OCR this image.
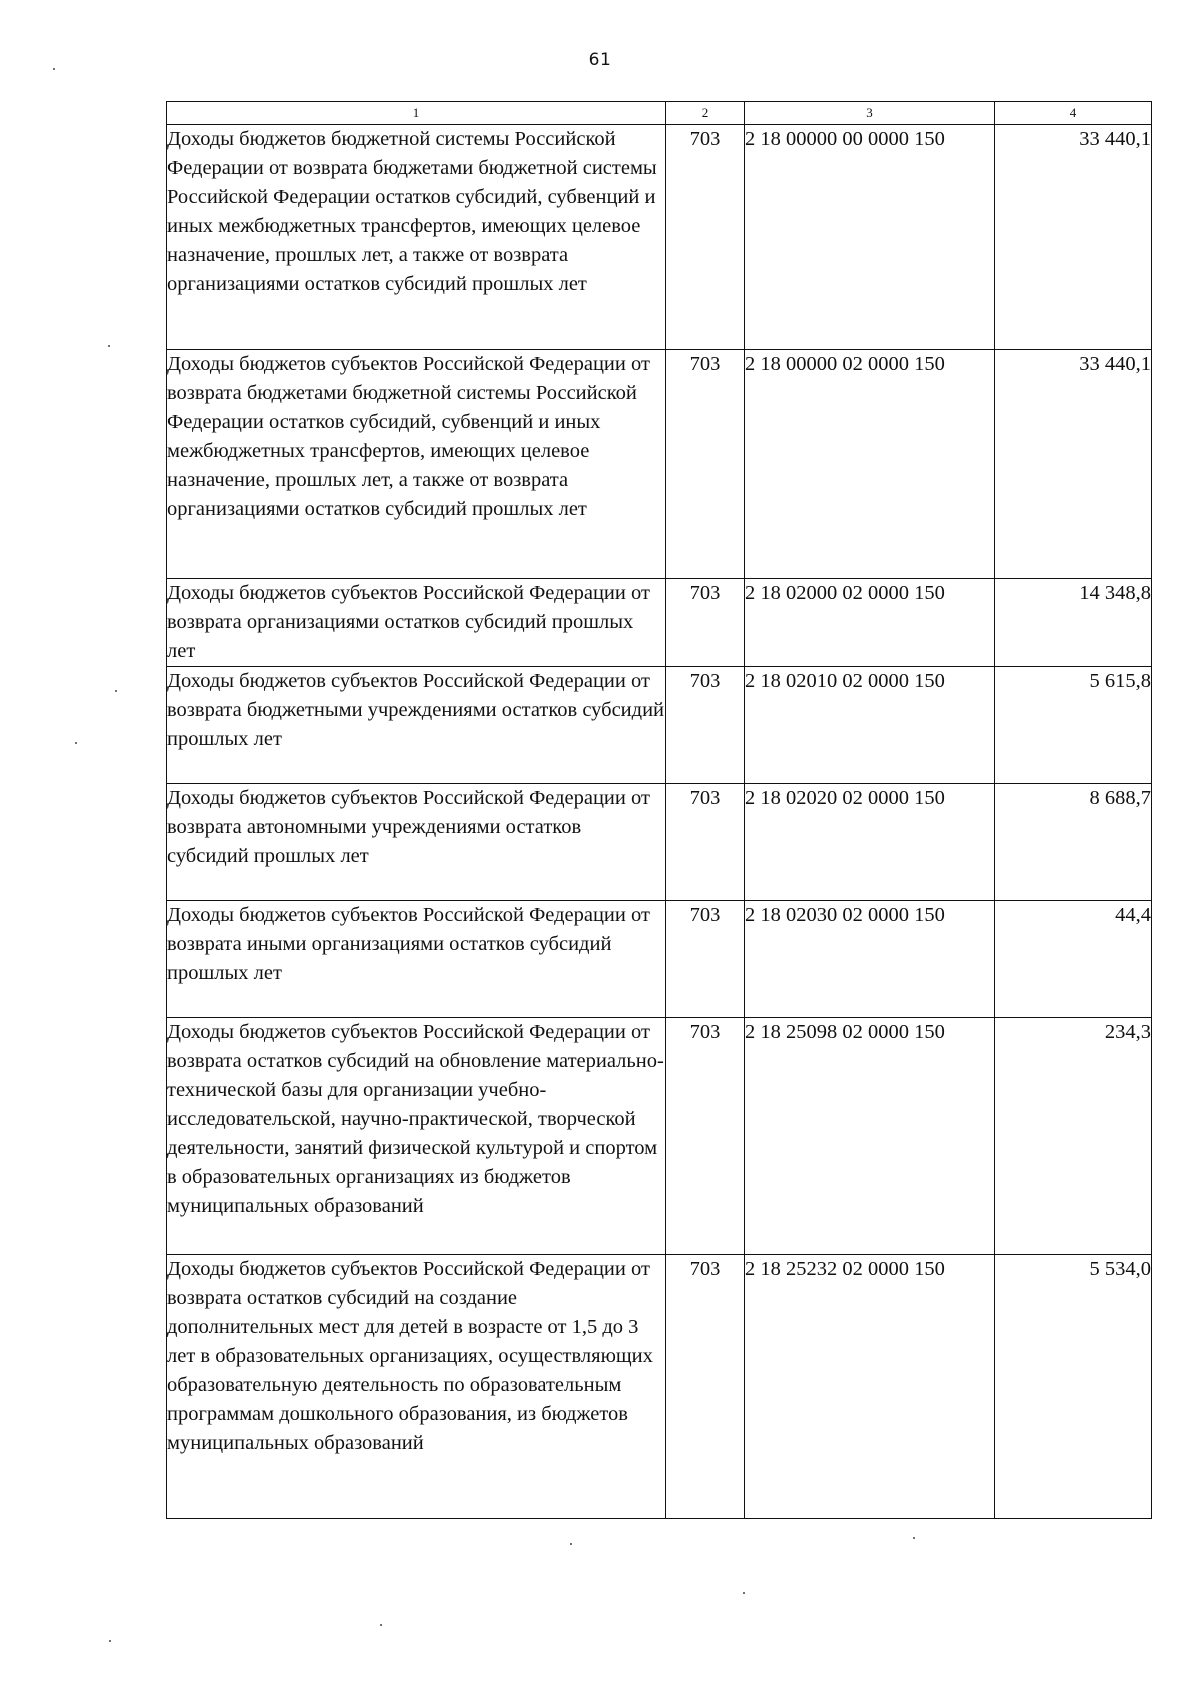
61
1	2	3	4
Доходы бюджетов бюджетной системы Российской Федерации от возврата бюджетами бюджетной системы Российской Федерации остатков субсидий, субвенций и иных межбюджетных трансфертов, имеющих целевое назначение, прошлых лет, а также от возврата организациями остатков субсидий прошлых лет	703	2 18 00000 00 0000 150	33 440,1
Доходы бюджетов субъектов Российской Федерации от возврата бюджетами бюджетной системы Российской Федерации остатков субсидий, субвенций и иных межбюджетных трансфертов, имеющих целевое назначение, прошлых лет, а также от возврата организациями остатков субсидий прошлых лет	703	2 18 00000 02 0000 150	33 440,1
Доходы бюджетов субъектов Российской Федерации от возврата организациями остатков субсидий прошлых лет	703	2 18 02000 02 0000 150	14 348,8
Доходы бюджетов субъектов Российской Федерации от возврата бюджетными учреждениями остатков субсидий прошлых лет	703	2 18 02010 02 0000 150	5 615,8
Доходы бюджетов субъектов Российской Федерации от возврата автономными учреждениями остатков субсидий прошлых лет	703	2 18 02020 02 0000 150	8 688,7
Доходы бюджетов субъектов Российской Федерации от возврата иными организациями остатков субсидий прошлых лет	703	2 18 02030 02 0000 150	44,4
Доходы бюджетов субъектов Российской Федерации от возврата остатков субсидий на обновление материально-технической базы для организации учебно-исследовательской, научно-практической, творческой деятельности, занятий физической культурой и спортом в образовательных организациях из бюджетов муниципальных образований	703	2 18 25098 02 0000 150	234,3
Доходы бюджетов субъектов Российской Федерации от возврата остатков субсидий на создание дополнительных мест для детей в возрасте от 1,5 до 3 лет в образовательных организациях, осуществляющих образовательную деятельность по образовательным программам дошкольного образования, из бюджетов муниципальных образований	703	2 18 25232 02 0000 150	5 534,0
